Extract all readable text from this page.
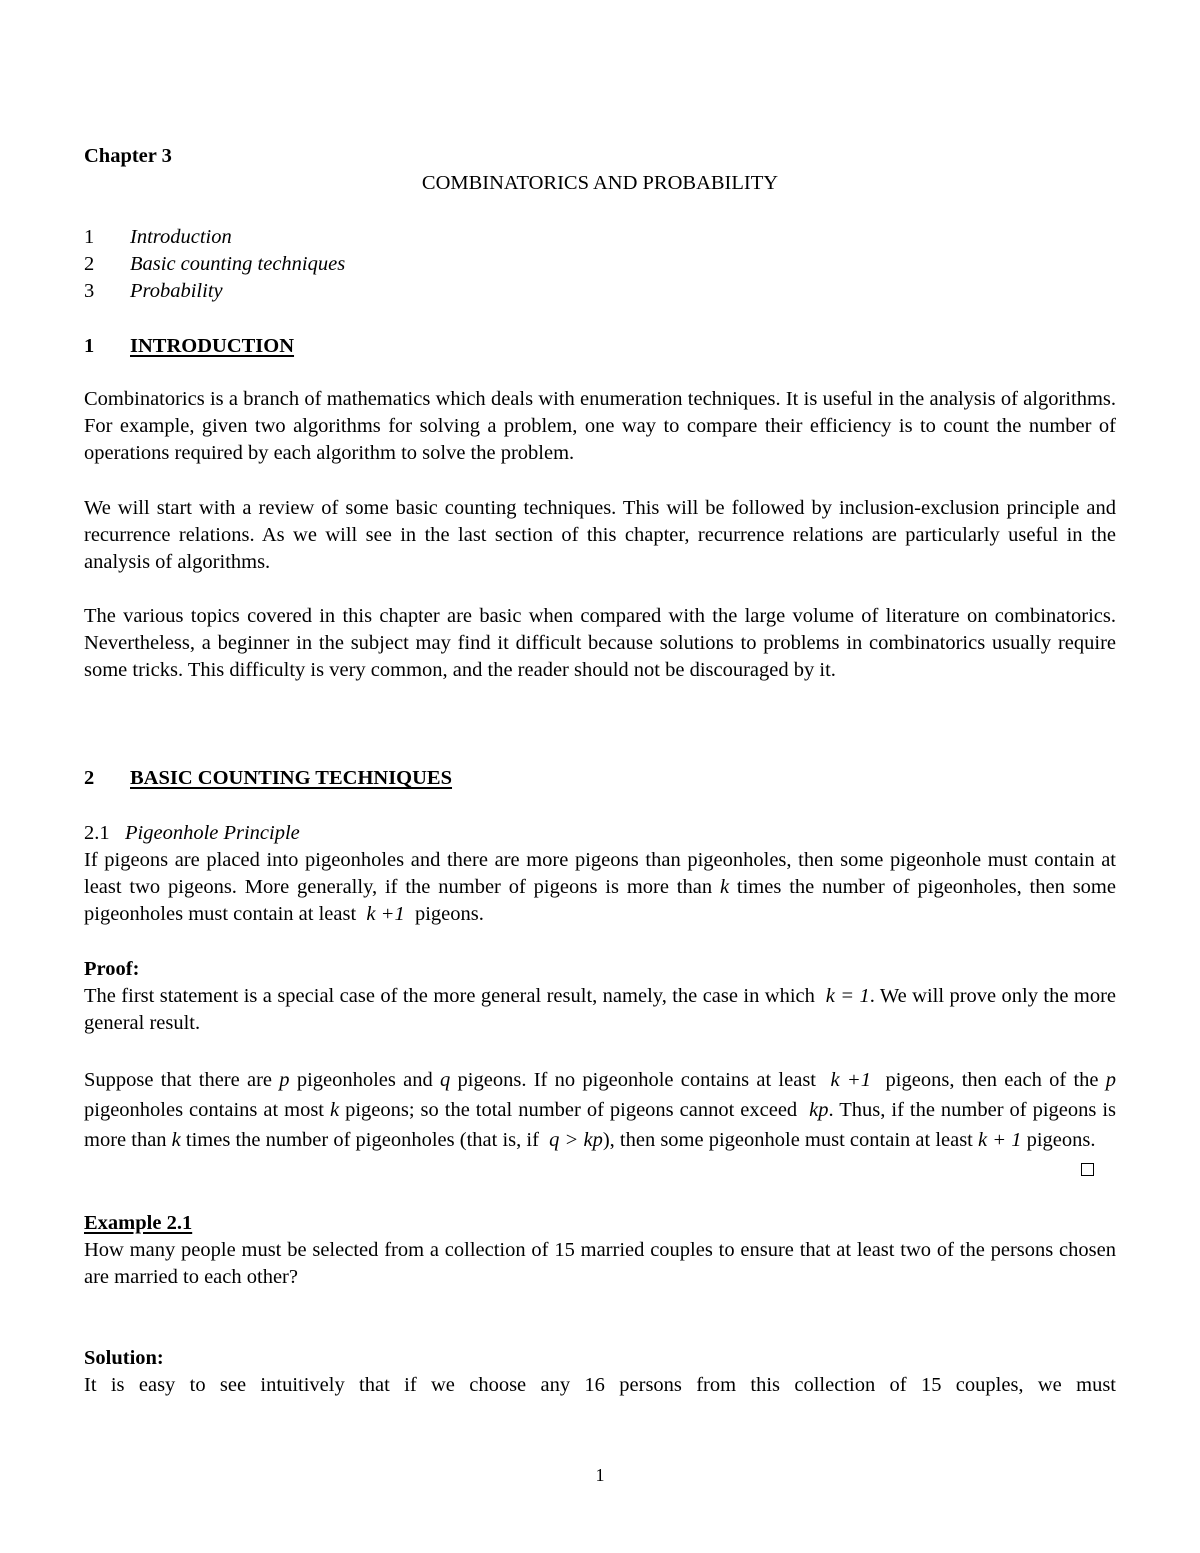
Chapter 3
COMBINATORICS AND PROBABILITY
1 Introduction
2 Basic counting techniques
3 Probability
1 INTRODUCTION

Combinatorics is a branch of mathematics which deals with enumeration techniques. It is useful in the analysis of algorithms. For example, given two algorithms for solving a problem, one way to compare their efficiency is to count the number of operations required by each algorithm to solve the problem.

We will start with a review of some basic counting techniques. This will be followed by inclusion-exclusion principle and recurrence relations. As we will see in the last section of this chapter, recurrence relations are particularly useful in the analysis of algorithms.

The various topics covered in this chapter are basic when compared with the large volume of literature on combinatorics. Nevertheless, a beginner in the subject may find it difficult because solutions to problems in combinatorics usually require some tricks. This difficulty is very common, and the reader should not be discouraged by it.

2 BASIC COUNTING TECHNIQUES
2.1 Pigeonhole Principle

If pigeons are placed into pigeonholes and there are more pigeons than pigeonholes, then some pigeonhole must contain at least two pigeons. More generally, if the number of pigeons is more than k times the number of pigeonholes, then some pigeonholes must contain at least  k +1  pigeons.

Proof:

The first statement is a special case of the more general result, namely, the case in which  k = 1. We will prove only the more general result.

Suppose that there are p pigeonholes and q pigeons. If no pigeonhole contains at least  k +1  pigeons, then each of the p pigeonholes contains at most k pigeons; so the total number of pigeons cannot exceed  kp. Thus, if the number of pigeons is more than k times the number of pigeonholes (that is, if  q > kp), then some pigeonhole must contain at least k + 1 pigeons.

Example 2.1

How many people must be selected from a collection of 15 married couples to ensure that at least two of the persons chosen are married to each other?

Solution:

It is easy to see intuitively that if we choose any 16 persons from this collection of 15 couples, we must

1
